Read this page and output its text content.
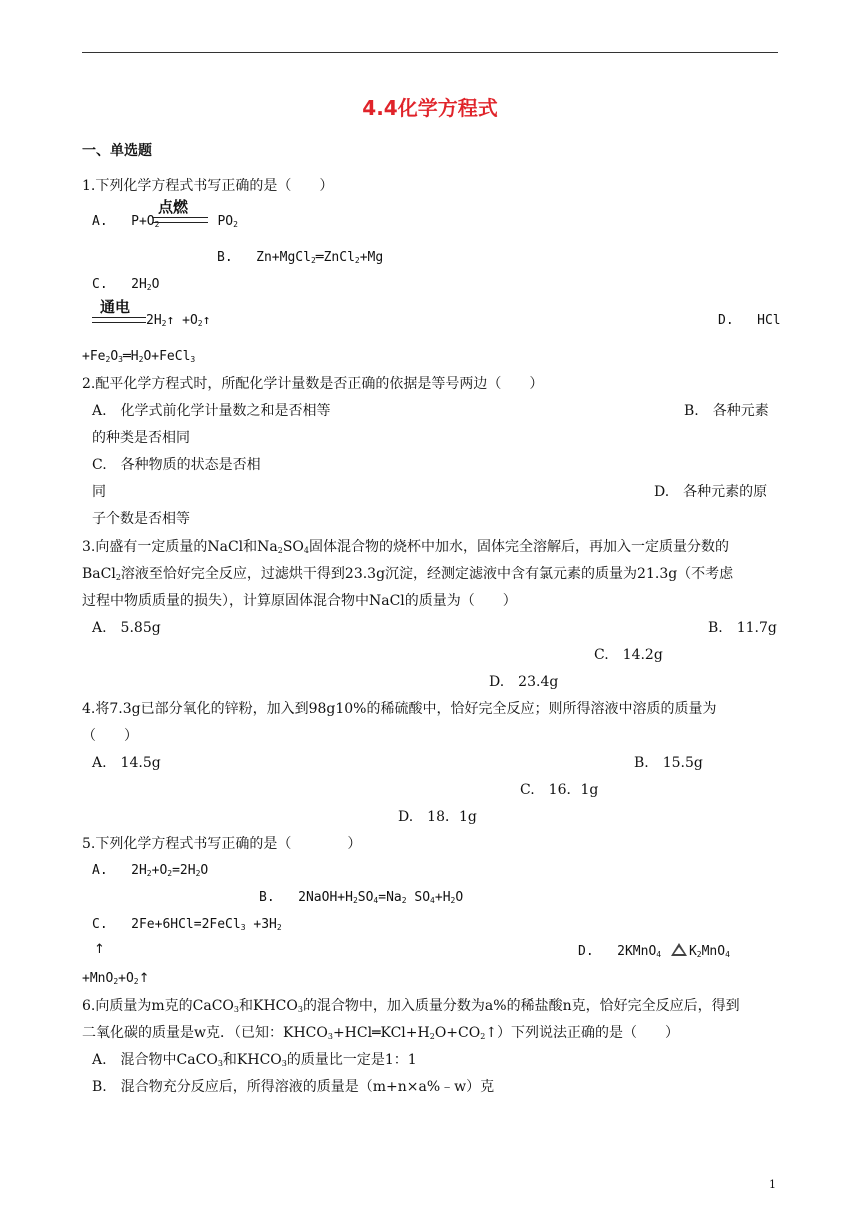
4.4化学方程式
一、单选题
1.下列化学方程式书写正确的是（　　）
A.   $P+O_2$	$PO_2$
点燃
B. Zn+MgCl$_2$═ZnCl$_2$+Mg
C. $2H_2O$
通电
$2H_2↑$ $+O_2↑$	D. HCl
$+Fe_2O_3═H_2O+FeCl_3$
2.配平化学方程式时，所配化学计量数是否正确的依据是等号两边（　　）
A.　化学式前化学计量数之和是否相等	B.　各种元素
的种类是否相同
C.　各种物质的状态是否相
同	D.　各种元素的原
子个数是否相等
3.向盛有一定质量的NaCl和$Na_2SO_4$固体混合物的烧杯中加水，固体完全溶解后，再加入一定质量分数的
BaCl$_2$溶液至恰好完全反应，过滤烘干得到23.3g沉淀，经测定滤液中含有氯元素的质量为21.3g（不考虑
过程中物质质量的损失），计算原固体混合物中NaCl的质量为（　　）
A.　5.85g	B.　11.7g
C.　14.2g
D.　23.4g
4.将7.3g已部分氧化的锌粉，加入到98g10%的稀硫酸中，恰好完全反应；则所得溶液中溶质的质量为
（　　）
A.　14.5g	B.　15.5g
C.　16．1g
D.　18．1g
5.下列化学方程式书写正确的是（　　　　）
A.   $2H_2+O_2=2H_2O$
B.   $2NaOH+H_2SO_4=Na_2$ $SO_4+H_2O$
C.   2Fe+6HCl=2FeCl$_3$ $+3H_2$
↑	D.   2KMnO$_4$ $K_2MnO_4$
$+MnO_2+O_2↑$
6.向质量为m克的CaCO$_3$和$KHCO_3$的混合物中，加入质量分数为a%的稀盐酸n克，恰好完全反应后，得到
二氧化碳的质量是w克．（已知：$KHCO_3+HCl═KCl+H_2O+CO_2↑$）下列说法正确的是（　　）
A.　混合物中CaCO$_3$和$KHCO_3$的质量比一定是1：1
B.　混合物充分反应后，所得溶液的质量是（m+n×a%﹣w）克
1
